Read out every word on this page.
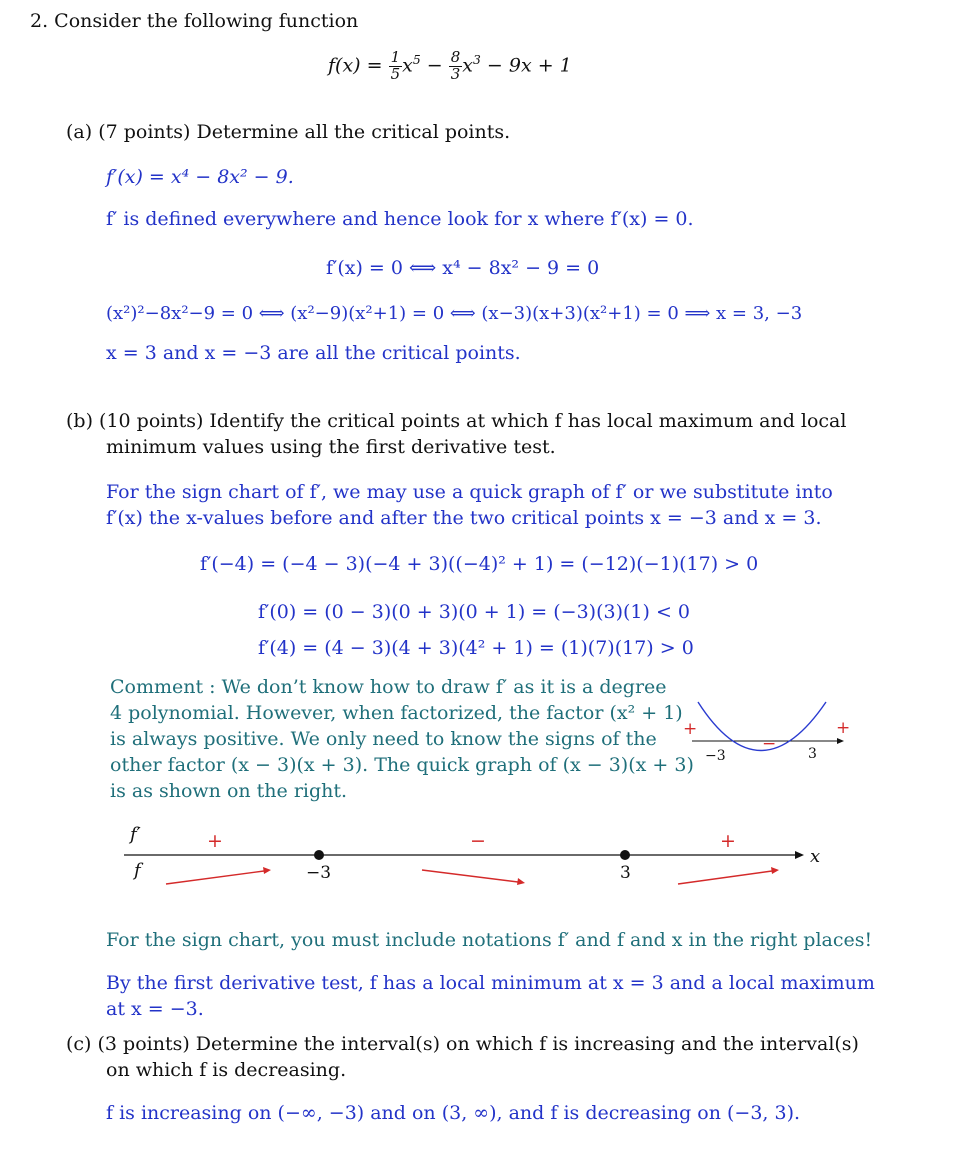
2. Consider the following function
$f(x) = \frac{1}{5} x^5 - \frac{8}{3} x^3 - 9x + 1$
(a) (7 points) Determine all the critical points.
f′(x) = x⁴ − 8x² − 9.
f′ is defined everywhere and hence look for x where f′(x) = 0.
f′(x) = 0 ⟺ x⁴ − 8x² − 9 = 0
(x²)²−8x²−9 = 0 ⟺ (x²−9)(x²+1) = 0 ⟺ (x−3)(x+3)(x²+1) = 0 ⟹ x = 3, −3
x = 3 and x = −3 are all the critical points.
(b) (10 points) Identify the critical points at which f has local maximum and local
minimum values using the first derivative test.
For the sign chart of f′, we may use a quick graph of f′ or we substitute into
f′(x) the x-values before and after the two critical points x = −3 and x = 3.
f′(−4) = (−4 − 3)(−4 + 3)((−4)² + 1) = (−12)(−1)(17) > 0
f′(0) = (0 − 3)(0 + 3)(0 + 1) = (−3)(3)(1) < 0
f′(4) = (4 − 3)(4 + 3)(4² + 1) = (1)(7)(17) > 0
Comment : We don’t know how to draw f′ as it is a degree
4 polynomial. However, when factorized, the factor (x² + 1)
is always positive. We only need to know the signs of the
other factor (x − 3)(x + 3). The quick graph of (x − 3)(x + 3)
is as shown on the right.
+
−
+
−3	3
f′
f
x
+	−	+
−3	3
For the sign chart, you must include notations f′ and f and x in the right places!
By the first derivative test, f has a local minimum at x = 3 and a local maximum
at x = −3.
(c) (3 points) Determine the interval(s) on which f is increasing and the interval(s)
on which f is decreasing.
f is increasing on (−∞, −3) and on (3, ∞), and f is decreasing on (−3, 3).
